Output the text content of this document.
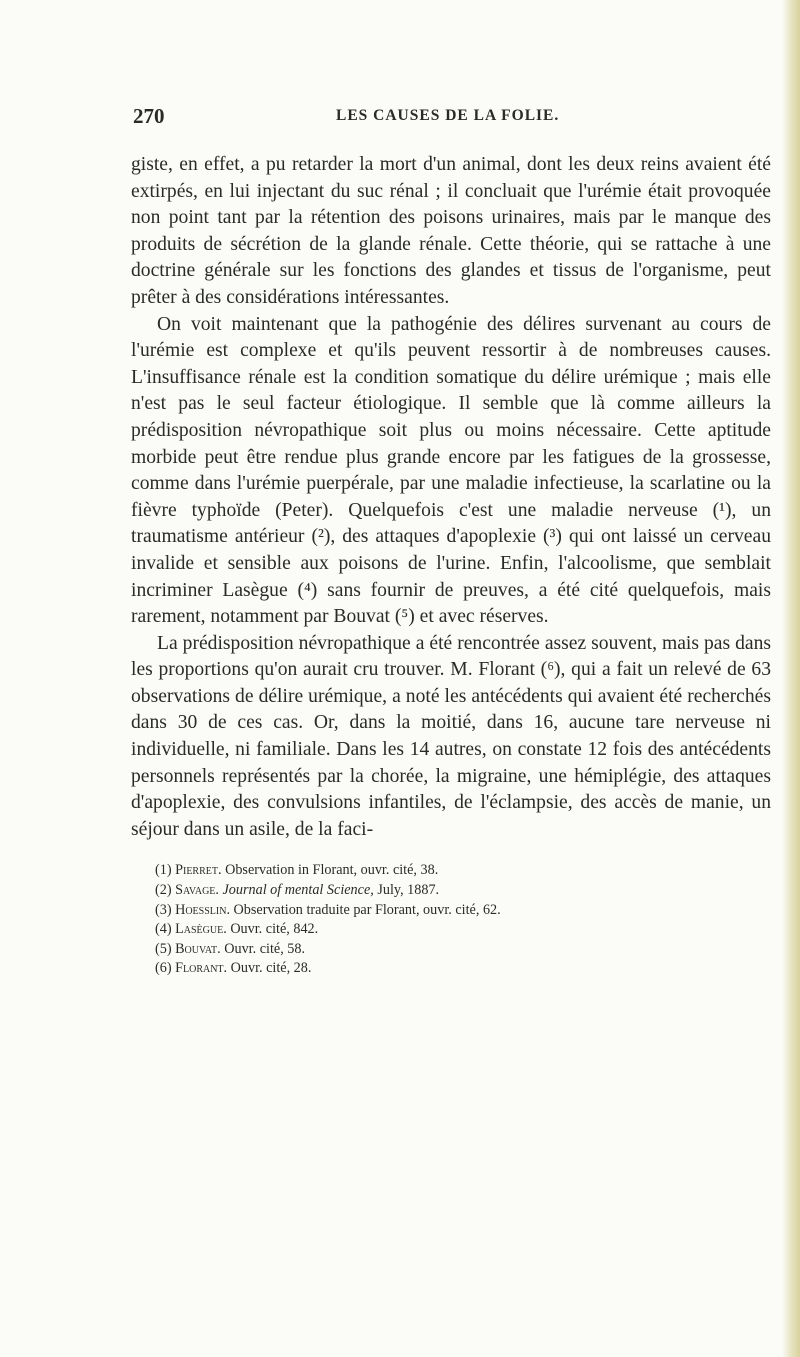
270	LES CAUSES DE LA FOLIE.

giste, en effet, a pu retarder la mort d'un animal, dont les deux reins avaient été extirpés, en lui injectant du suc rénal ; il concluait que l'urémie était provoquée non point tant par la rétention des poisons urinaires, mais par le manque des produits de sécrétion de la glande rénale. Cette théorie, qui se rattache à une doctrine générale sur les fonctions des glandes et tissus de l'organisme, peut prêter à des considérations intéressantes.

On voit maintenant que la pathogénie des délires survenant au cours de l'urémie est complexe et qu'ils peuvent ressortir à de nombreuses causes. L'insuffisance rénale est la condition somatique du délire urémique ; mais elle n'est pas le seul facteur étiologique. Il semble que là comme ailleurs la prédisposition névropathique soit plus ou moins nécessaire. Cette aptitude morbide peut être rendue plus grande encore par les fatigues de la grossesse, comme dans l'urémie puerpérale, par une maladie infectieuse, la scarlatine ou la fièvre typhoïde (Peter). Quelquefois c'est une maladie nerveuse (¹), un traumatisme antérieur (²), des attaques d'apoplexie (³) qui ont laissé un cerveau invalide et sensible aux poisons de l'urine. Enfin, l'alcoolisme, que semblait incriminer Lasègue (⁴) sans fournir de preuves, a été cité quelquefois, mais rarement, notamment par Bouvat (⁵) et avec réserves.

La prédisposition névropathique a été rencontrée assez souvent, mais pas dans les proportions qu'on aurait cru trouver. M. Florant (⁶), qui a fait un relevé de 63 observations de délire urémique, a noté les antécédents qui avaient été recherchés dans 30 de ces cas. Or, dans la moitié, dans 16, aucune tare nerveuse ni individuelle, ni familiale. Dans les 14 autres, on constate 12 fois des antécédents personnels représentés par la chorée, la migraine, une hémiplégie, des attaques d'apoplexie, des convulsions infantiles, de l'éclampsie, des accès de manie, un séjour dans un asile, de la faci-

(1) Pierret. Observation in Florant, ouvr. cité, 38.
(2) Savage. Journal of mental Science, July, 1887.
(3) Hoesslin. Observation traduite par Florant, ouvr. cité, 62.
(4) Lasègue. Ouvr. cité, 842.
(5) Bouvat. Ouvr. cité, 58.
(6) Florant. Ouvr. cité, 28.
